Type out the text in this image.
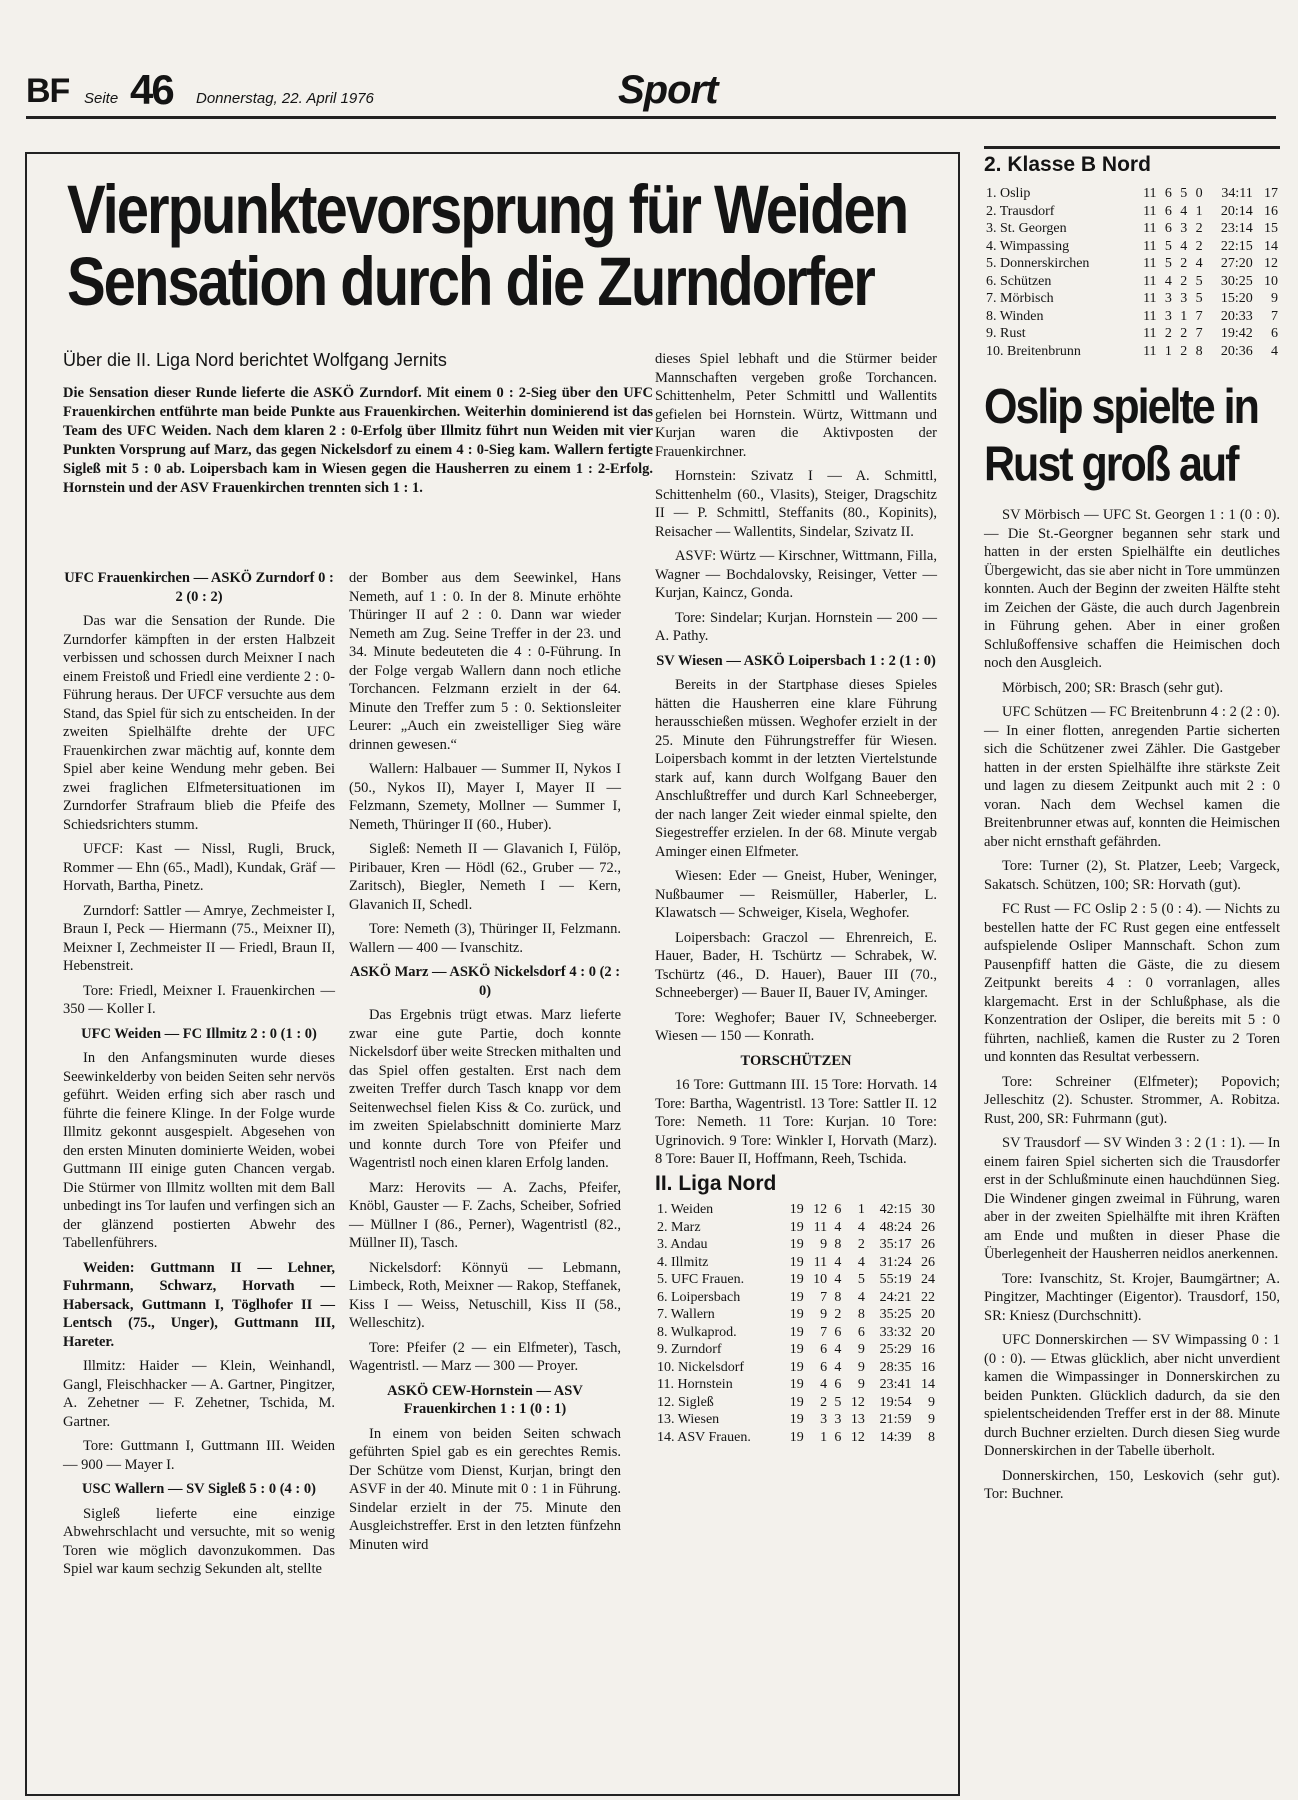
BF Seite 46 Donnerstag, 22. April 1976	Sport
Vierpunktevorsprung für Weiden
Sensation durch die Zurndorfer
Über die II. Liga Nord berichtet Wolfgang Jernits
Die Sensation dieser Runde lieferte die ASKÖ Zurndorf. Mit einem 0 : 2-Sieg über den UFC Frauenkirchen entführte man beide Punkte aus Frauenkirchen. Weiterhin dominierend ist das Team des UFC Weiden. Nach dem klaren 2 : 0-Erfolg über Illmitz führt nun Weiden mit vier Punkten Vorsprung auf Marz, das gegen Nickelsdorf zu einem 4 : 0-Sieg kam. Wallern fertigte Sigleß mit 5 : 0 ab. Loipersbach kam in Wiesen gegen die Hausherren zu einem 1 : 2-Erfolg. Hornstein und der ASV Frauenkirchen trennten sich 1 : 1.

UFC Frauenkirchen — ASKÖ Zurndorf 0 : 2 (0 : 2)

Das war die Sensation der Runde. Die Zurndorfer kämpften in der ersten Halbzeit verbissen und schossen durch Meixner I nach einem Freistoß und Friedl eine verdiente 2 : 0-Führung heraus. Der UFCF versuchte aus dem Stand, das Spiel für sich zu entscheiden. In der zweiten Spielhälfte drehte der UFC Frauenkirchen zwar mächtig auf, konnte dem Spiel aber keine Wendung mehr geben. Bei zwei fraglichen Elfmetersituationen im Zurndorfer Strafraum blieb die Pfeife des Schiedsrichters stumm.

UFCF: Kast — Nissl, Rugli, Bruck, Rommer — Ehn (65., Madl), Kundak, Gräf — Horvath, Bartha, Pinetz.

Zurndorf: Sattler — Amrye, Zechmeister I, Braun I, Peck — Hiermann (75., Meixner II), Meixner I, Zechmeister II — Friedl, Braun II, Hebenstreit.

Tore: Friedl, Meixner I. Frauenkirchen — 350 — Koller I.

UFC Weiden — FC Illmitz 2 : 0 (1 : 0)

In den Anfangsminuten wurde dieses Seewinkelderby von beiden Seiten sehr nervös geführt. Weiden erfing sich aber rasch und führte die feinere Klinge. In der Folge wurde Illmitz gekonnt ausgespielt. Abgesehen von den ersten Minuten dominierte Weiden, wobei Guttmann III einige guten Chancen vergab. Die Stürmer von Illmitz wollten mit dem Ball unbedingt ins Tor laufen und verfingen sich an der glänzend postierten Abwehr des Tabellenführers.

Weiden: Guttmann II — Lehner, Fuhrmann, Schwarz, Horvath — Habersack, Guttmann I, Töglhofer II — Lentsch (75., Unger), Guttmann III, Hareter.

Illmitz: Haider — Klein, Weinhandl, Gangl, Fleischhacker — A. Gartner, Pingitzer, A. Zehetner — F. Zehetner, Tschida, M. Gartner.

Tore: Guttmann I, Guttmann III. Weiden — 900 — Mayer I.

USC Wallern — SV Sigleß 5 : 0 (4 : 0)

Sigleß lieferte eine einzige Abwehrschlacht und versuchte, mit so wenig Toren wie möglich davonzukommen. Das Spiel war kaum sechzig Sekunden alt, stellte

der Bomber aus dem Seewinkel, Hans Nemeth, auf 1 : 0. In der 8. Minute erhöhte Thüringer II auf 2 : 0. Dann war wieder Nemeth am Zug. Seine Treffer in der 23. und 34. Minute bedeuteten die 4 : 0-Führung. In der Folge vergab Wallern dann noch etliche Torchancen. Felzmann erzielt in der 64. Minute den Treffer zum 5 : 0. Sektionsleiter Leurer: „Auch ein zweistelliger Sieg wäre drinnen gewesen.“

Wallern: Halbauer — Summer II, Nykos I (50., Nykos II), Mayer I, Mayer II — Felzmann, Szemety, Mollner — Summer I, Nemeth, Thüringer II (60., Huber).

Sigleß: Nemeth II — Glavanich I, Fülöp, Piribauer, Kren — Hödl (62., Gruber — 72., Zaritsch), Biegler, Nemeth I — Kern, Glavanich II, Schedl.

Tore: Nemeth (3), Thüringer II, Felzmann. Wallern — 400 — Ivanschitz.

ASKÖ Marz — ASKÖ Nickelsdorf 4 : 0 (2 : 0)

Das Ergebnis trügt etwas. Marz lieferte zwar eine gute Partie, doch konnte Nickelsdorf über weite Strecken mithalten und das Spiel offen gestalten. Erst nach dem zweiten Treffer durch Tasch knapp vor dem Seitenwechsel fielen Kiss & Co. zurück, und im zweiten Spielabschnitt dominierte Marz und konnte durch Tore von Pfeifer und Wagentristl noch einen klaren Erfolg landen.

Marz: Herovits — A. Zachs, Pfeifer, Knöbl, Gauster — F. Zachs, Scheiber, Sofried — Müllner I (86., Perner), Wagentristl (82., Müllner II), Tasch.

Nickelsdorf: Könnyü — Lebmann, Limbeck, Roth, Meixner — Rakop, Steffanek, Kiss I — Weiss, Netuschill, Kiss II (58., Welleschitz).

Tore: Pfeifer (2 — ein Elfmeter), Tasch, Wagentristl. — Marz — 300 — Proyer.

ASKÖ CEW-Hornstein — ASV Frauenkirchen 1 : 1 (0 : 1)

In einem von beiden Seiten schwach geführten Spiel gab es ein gerechtes Remis. Der Schütze vom Dienst, Kurjan, bringt den ASVF in der 40. Minute mit 0 : 1 in Führung. Sindelar erzielt in der 75. Minute den Ausgleichstreffer. Erst in den letzten fünfzehn Minuten wird

dieses Spiel lebhaft und die Stürmer beider Mannschaften vergeben große Torchancen. Schittenhelm, Peter Schmittl und Wallentits gefielen bei Hornstein. Würtz, Wittmann und Kurjan waren die Aktivposten der Frauenkirchner.

Hornstein: Szivatz I — A. Schmittl, Schittenhelm (60., Vlasits), Steiger, Dragschitz II — P. Schmittl, Steffanits (80., Kopinits), Reisacher — Wallentits, Sindelar, Szivatz II.

ASVF: Würtz — Kirschner, Wittmann, Filla, Wagner — Bochdalovsky, Reisinger, Vetter — Kurjan, Kaincz, Gonda.

Tore: Sindelar; Kurjan. Hornstein — 200 — A. Pathy.

SV Wiesen — ASKÖ Loipersbach 1 : 2 (1 : 0)

Bereits in der Startphase dieses Spieles hätten die Hausherren eine klare Führung herausschießen müssen. Weghofer erzielt in der 25. Minute den Führungstreffer für Wiesen. Loipersbach kommt in der letzten Viertelstunde stark auf, kann durch Wolfgang Bauer den Anschlußtreffer und durch Karl Schneeberger, der nach langer Zeit wieder einmal spielte, den Siegestreffer erzielen. In der 68. Minute vergab Aminger einen Elfmeter.

Wiesen: Eder — Gneist, Huber, Weninger, Nußbaumer — Reismüller, Haberler, L. Klawatsch — Schweiger, Kisela, Weghofer.

Loipersbach: Graczol — Ehrenreich, E. Hauer, Bader, H. Tschürtz — Schrabek, W. Tschürtz (46., D. Hauer), Bauer III (70., Schneeberger) — Bauer II, Bauer IV, Aminger.

Tore: Weghofer; Bauer IV, Schneeberger. Wiesen — 150 — Konrath.

TORSCHÜTZEN

16 Tore: Guttmann III. 15 Tore: Horvath. 14 Tore: Bartha, Wagentristl. 13 Tore: Sattler II. 12 Tore: Nemeth. 11 Tore: Kurjan. 10 Tore: Ugrinovich. 9 Tore: Winkler I, Horvath (Marz). 8 Tore: Bauer II, Hoffmann, Reeh, Tschida.

II. Liga Nord
1. Weiden	19	12	6	1	42:15	30
2. Marz	19	11	4	4	48:24	26
3. Andau	19	9	8	2	35:17	26
4. Illmitz	19	11	4	4	31:24	26
5. UFC Frauen.	19	10	4	5	55:19	24
6. Loipersbach	19	7	8	4	24:21	22
7. Wallern	19	9	2	8	35:25	20
8. Wulkaprod.	19	7	6	6	33:32	20
9. Zurndorf	19	6	4	9	25:29	16
10. Nickelsdorf	19	6	4	9	28:35	16
11. Hornstein	19	4	6	9	23:41	14
12. Sigleß	19	2	5	12	19:54	9
13. Wiesen	19	3	3	13	21:59	9
14. ASV Frauen.	19	1	6	12	14:39	8
2. Klasse B Nord
1. Oslip	11	6	5	0	34:11	17
2. Trausdorf	11	6	4	1	20:14	16
3. St. Georgen	11	6	3	2	23:14	15
4. Wimpassing	11	5	4	2	22:15	14
5. Donnerskirchen	11	5	2	4	27:20	12
6. Schützen	11	4	2	5	30:25	10
7. Mörbisch	11	3	3	5	15:20	9
8. Winden	11	3	1	7	20:33	7
9. Rust	11	2	2	7	19:42	6
10. Breitenbrunn	11	1	2	8	20:36	4
Oslip spielte in
Rust groß auf

SV Mörbisch — UFC St. Georgen 1 : 1 (0 : 0). — Die St.-Georgner begannen sehr stark und hatten in der ersten Spielhälfte ein deutliches Übergewicht, das sie aber nicht in Tore ummünzen konnten. Auch der Beginn der zweiten Hälfte steht im Zeichen der Gäste, die auch durch Jagenbrein in Führung gehen. Aber in einer großen Schlußoffensive schaffen die Heimischen doch noch den Ausgleich.

Mörbisch, 200; SR: Brasch (sehr gut).

UFC Schützen — FC Breitenbrunn 4 : 2 (2 : 0). — In einer flotten, anregenden Partie sicherten sich die Schützener zwei Zähler. Die Gastgeber hatten in der ersten Spielhälfte ihre stärkste Zeit und lagen zu diesem Zeitpunkt auch mit 2 : 0 voran. Nach dem Wechsel kamen die Breitenbrunner etwas auf, konnten die Heimischen aber nicht ernsthaft gefährden.

Tore: Turner (2), St. Platzer, Leeb; Vargeck, Sakatsch. Schützen, 100; SR: Horvath (gut).

FC Rust — FC Oslip 2 : 5 (0 : 4). — Nichts zu bestellen hatte der FC Rust gegen eine entfesselt aufspielende Osliper Mannschaft. Schon zum Pausenpfiff hatten die Gäste, die zu diesem Zeitpunkt bereits 4 : 0 vorranlagen, alles klargemacht. Erst in der Schlußphase, als die Konzentration der Osliper, die bereits mit 5 : 0 führten, nachließ, kamen die Ruster zu 2 Toren und konnten das Resultat verbessern.

Tore: Schreiner (Elfmeter); Popovich; Jelleschitz (2). Schuster. Strommer, A. Robitza. Rust, 200, SR: Fuhrmann (gut).

SV Trausdorf — SV Winden 3 : 2 (1 : 1). — In einem fairen Spiel sicherten sich die Trausdorfer erst in der Schlußminute einen hauchdünnen Sieg. Die Windener gingen zweimal in Führung, waren aber in der zweiten Spielhälfte mit ihren Kräften am Ende und mußten in dieser Phase die Überlegenheit der Hausherren neidlos anerkennen.

Tore: Ivanschitz, St. Krojer, Baumgärtner; A. Pingitzer, Machtinger (Eigentor). Trausdorf, 150, SR: Kniesz (Durchschnitt).

UFC Donnerskirchen — SV Wimpassing 0 : 1 (0 : 0). — Etwas glücklich, aber nicht unverdient kamen die Wimpassinger in Donnerskirchen zu beiden Punkten. Glücklich dadurch, da sie den spielentscheidenden Treffer erst in der 88. Minute durch Buchner erzielten. Durch diesen Sieg wurde Donnerskirchen in der Tabelle überholt.

Donnerskirchen, 150, Leskovich (sehr gut). Tor: Buchner.
